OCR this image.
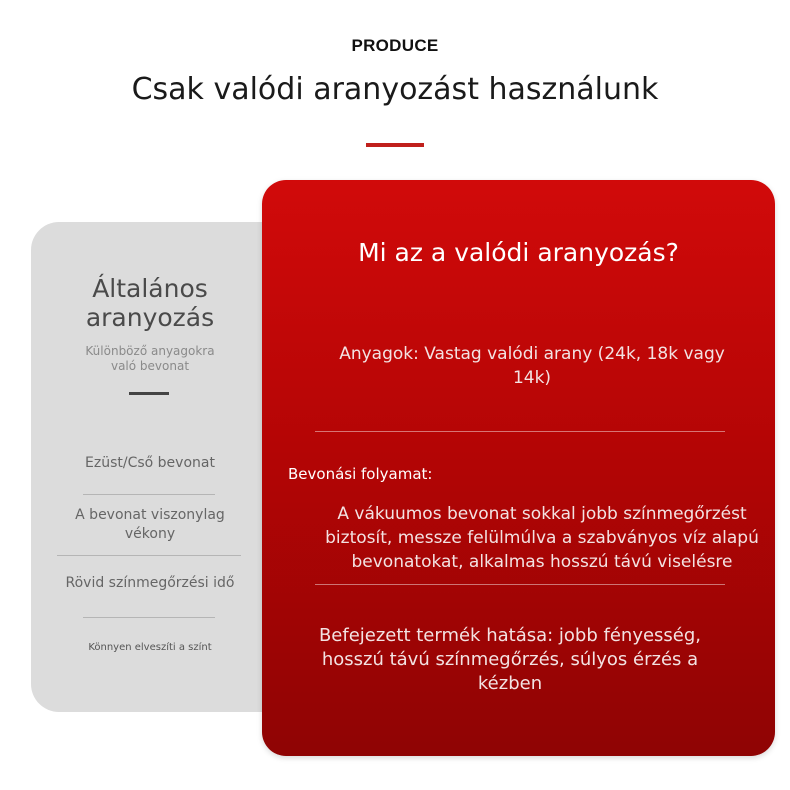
PRODUCE
Csak valódi aranyozást használunk
Általános
aranyozás
Különböző anyagokra
való bevonat
Ezüst/Cső bevonat
A bevonat viszonylag
vékony
Rövid színmegőrzési idő
Könnyen elveszíti a színt
Mi az a valódi aranyozás?
Anyagok: Vastag valódi arany (24k, 18k vagy
14k)
Bevonási folyamat:
A vákuumos bevonat sokkal jobb színmegőrzést
biztosít, messze felülmúlva a szabványos víz alapú
bevonatokat, alkalmas hosszú távú viselésre
Befejezett termék hatása: jobb fényesség,
hosszú távú színmegőrzés, súlyos érzés a
kézben
